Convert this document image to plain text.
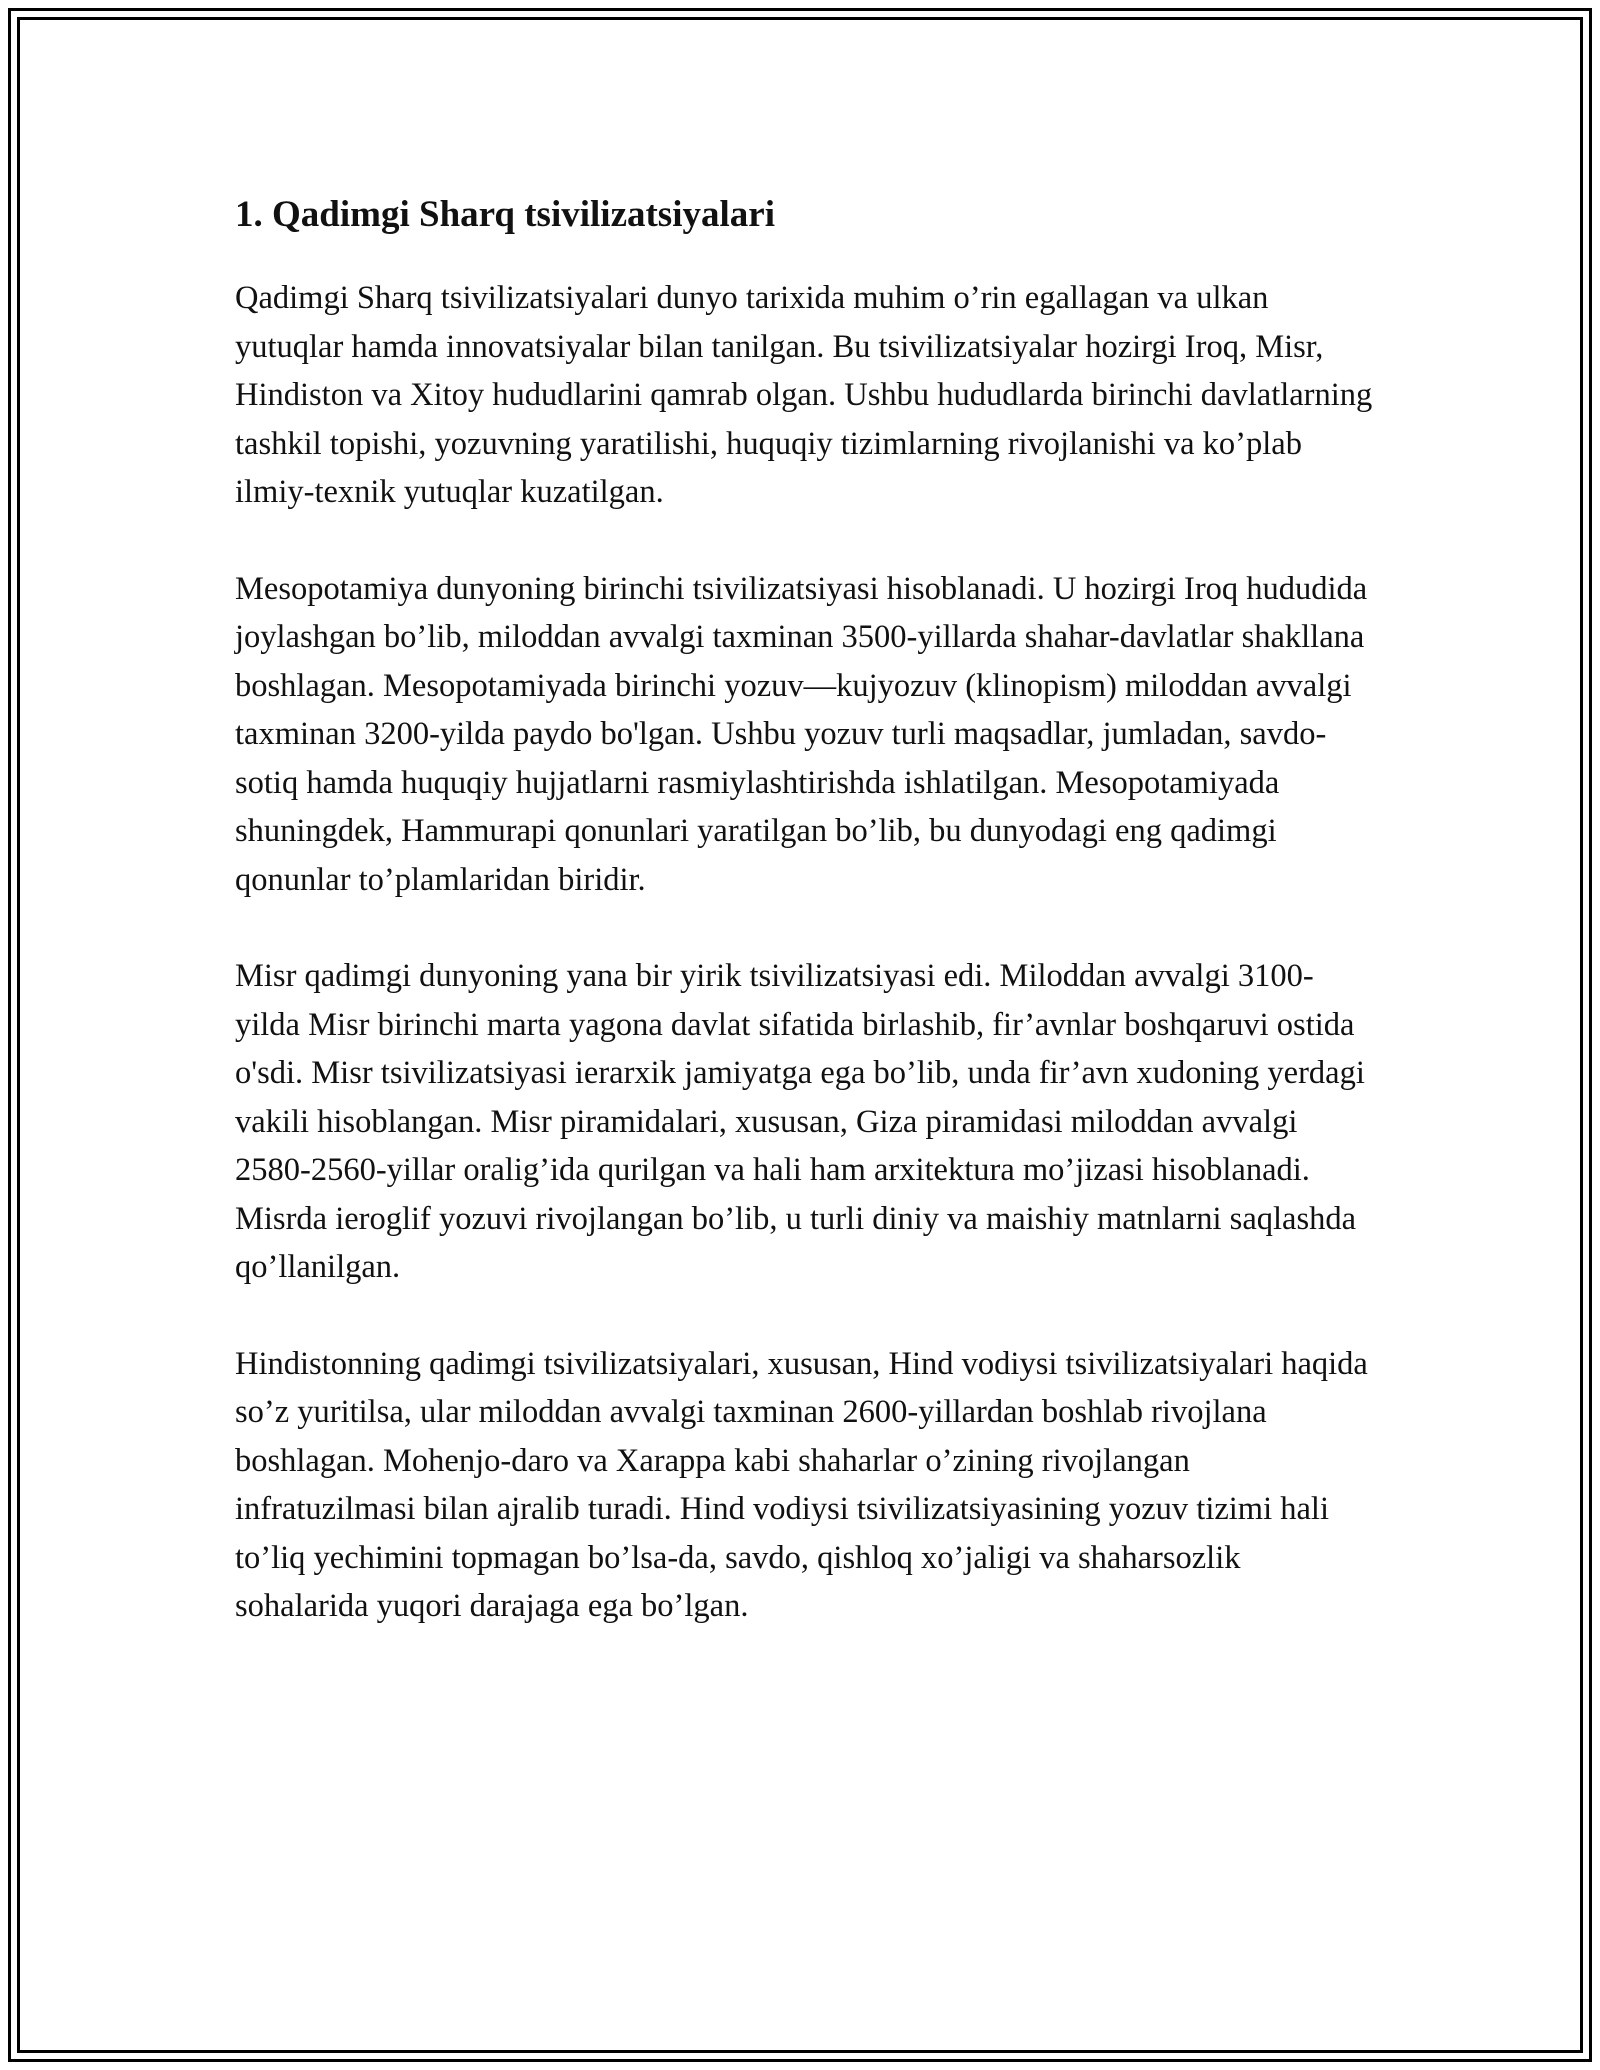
1. Qadimgi Sharq tsivilizatsiyalari

Qadimgi Sharq tsivilizatsiyalari dunyo tarixida muhim o’rin egallagan va ulkan yutuqlar hamda innovatsiyalar bilan tanilgan. Bu tsivilizatsiyalar hozirgi Iroq, Misr, Hindiston va Xitoy hududlarini qamrab olgan. Ushbu hududlarda birinchi davlatlarning tashkil topishi, yozuvning yaratilishi, huquqiy tizimlarning rivojlanishi va ko’plab ilmiy-texnik yutuqlar kuzatilgan.

Mesopotamiya dunyoning birinchi tsivilizatsiyasi hisoblanadi. U hozirgi Iroq hududida joylashgan bo’lib, miloddan avvalgi taxminan 3500-yillarda shahar-davlatlar shakllana boshlagan. Mesopotamiyada birinchi yozuv—kujyozuv (klinopism) miloddan avvalgi taxminan 3200-yilda paydo bo'lgan. Ushbu yozuv turli maqsadlar, jumladan, savdo-sotiq hamda huquqiy hujjatlarni rasmiylashtirishda ishlatilgan. Mesopotamiyada shuningdek, Hammurapi qonunlari yaratilgan bo’lib, bu dunyodagi eng qadimgi qonunlar to’plamlaridan biridir.

Misr qadimgi dunyoning yana bir yirik tsivilizatsiyasi edi. Miloddan avvalgi 3100-yilda Misr birinchi marta yagona davlat sifatida birlashib, fir’avnlar boshqaruvi ostida o'sdi. Misr tsivilizatsiyasi ierarxik jamiyatga ega bo’lib, unda fir’avn xudoning yerdagi vakili hisoblangan. Misr piramidalari, xususan, Giza piramidasi miloddan avvalgi 2580-2560-yillar oralig’ida qurilgan va hali ham arxitektura mo’jizasi hisoblanadi. Misrda ieroglif yozuvi rivojlangan bo’lib, u turli diniy va maishiy matnlarni saqlashda qo’llanilgan.

Hindistonning qadimgi tsivilizatsiyalari, xususan, Hind vodiysi tsivilizatsiyalari haqida so’z yuritilsa, ular miloddan avvalgi taxminan 2600-yillardan boshlab rivojlana boshlagan. Mohenjo-daro va Xarappa kabi shaharlar o’zining rivojlangan infratuzilmasi bilan ajralib turadi. Hind vodiysi tsivilizatsiyasining yozuv tizimi hali to’liq yechimini topmagan bo’lsa-da, savdo, qishloq xo’jaligi va shaharsozlik sohalarida yuqori darajaga ega bo’lgan.
